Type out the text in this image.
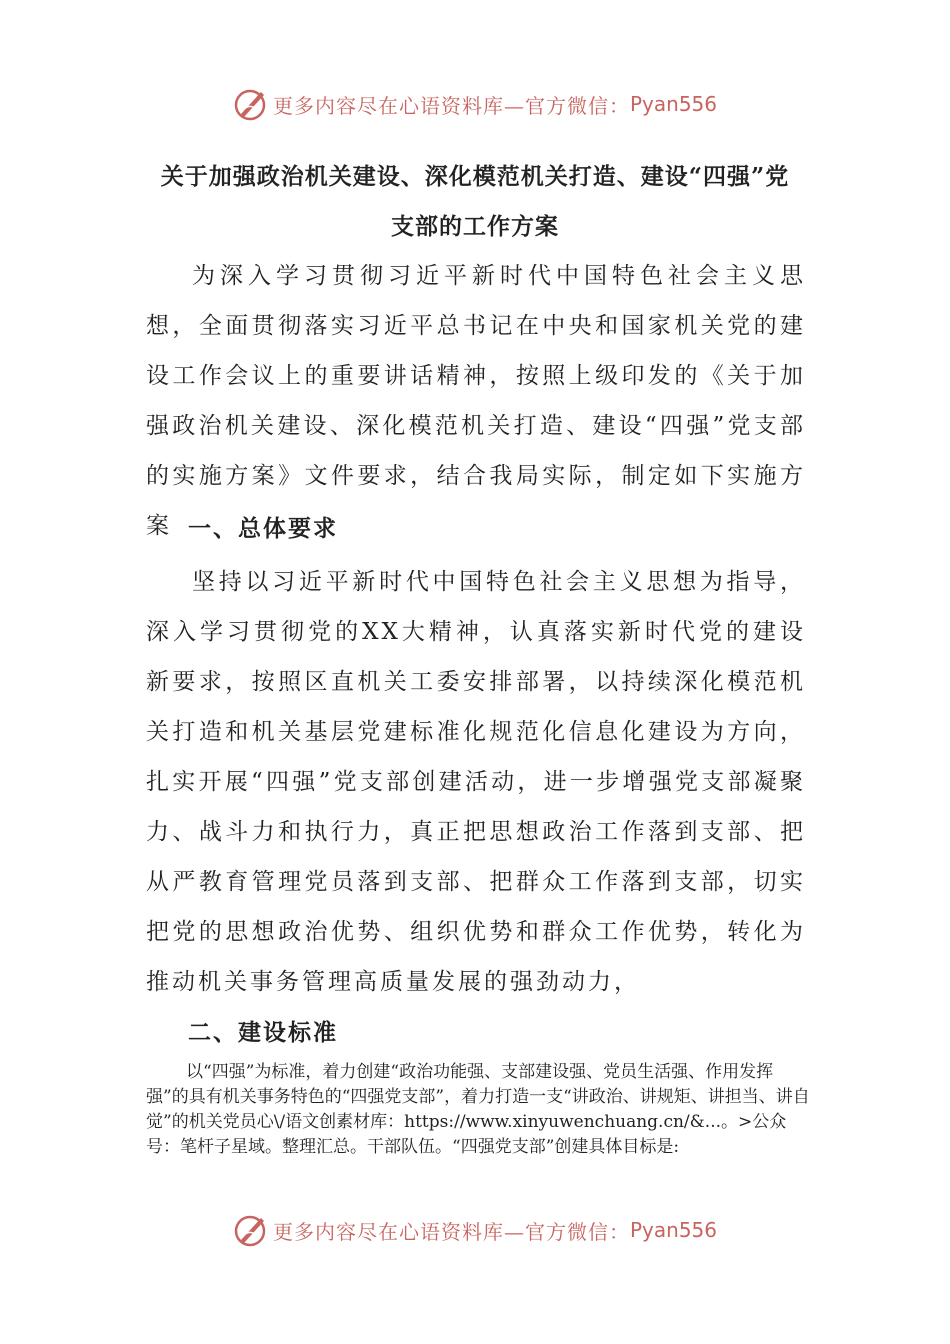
更多内容尽在心语资料库—官方微信： Pyan556
关于加强政治机关建设、深化模范机关打造、建设“四强”党支部的工作方案

为深入学习贯彻习近平新时代中国特色社会主义思想，全面贯彻落实习近平总书记在中央和国家机关党的建设工作会议上的重要讲话精神，按照上级印发的《关于加强政治机关建设、深化模范机关打造、建设“四强”党支部的实施方案》文件要求，结合我局实际，制定如下实施方案 一、总体要求

坚持以习近平新时代中国特色社会主义思想为指导，深入学习贯彻党的XX大精神，认真落实新时代党的建设新要求，按照区直机关工委安排部署，以持续深化模范机关打造和机关基层党建标准化规范化信息化建设为方向，扎实开展“四强”党支部创建活动，进一步增强党支部凝聚力、战斗力和执行力，真正把思想政治工作落到支部、把从严教育管理党员落到支部、把群众工作落到支部，切实把党的思想政治优势、组织优势和群众工作优势，转化为推动机关事务管理高质量发展的强劲动力，

二、建设标准

以“四强”为标准，着力创建“政治功能强、支部建设强、党员生活强、作用发挥强”的具有机关事务特色的“四强党支部”，着力打造一支“讲政治、讲规矩、讲担当、讲自觉”的机关党员心\/语文创素材库：https://www.xinyuwenchuang.cn/&...。>公众号：笔杆子星域。整理汇总。干部队伍。“四强党支部”创建具体目标是:

更多内容尽在心语资料库—官方微信： Pyan556
